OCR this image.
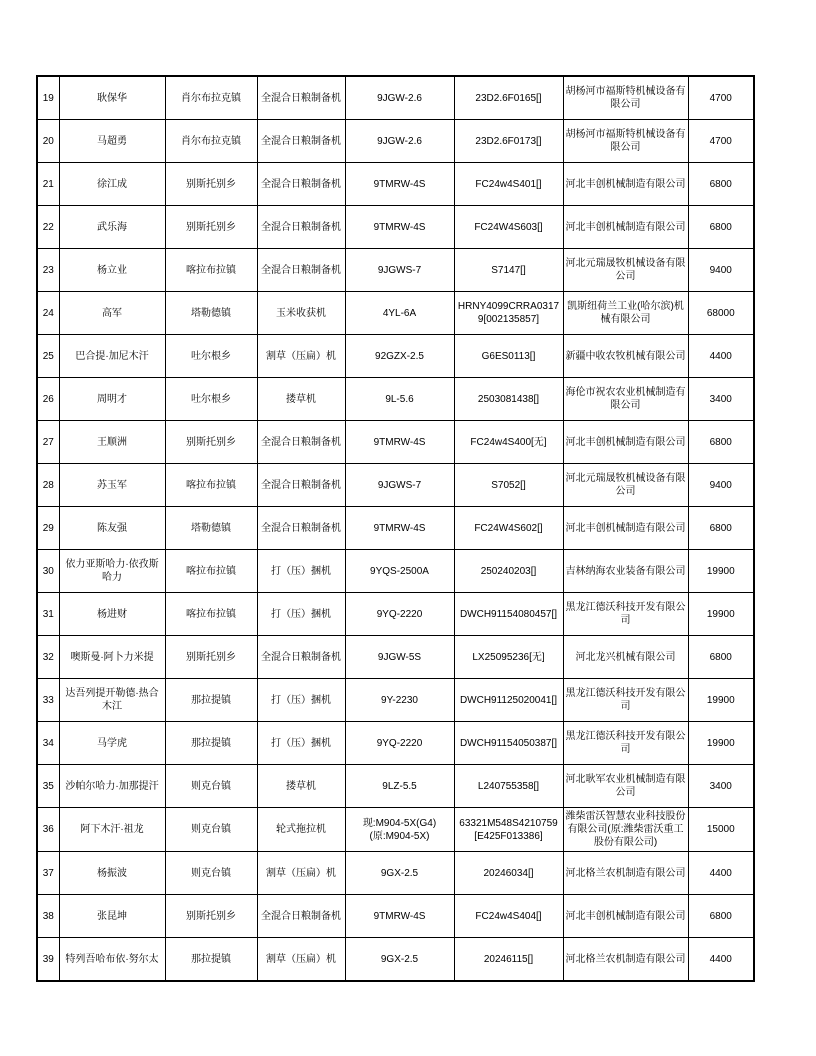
19	耿保华	肖尔布拉克镇	全混合日粮制备机	9JGW-2.6	23D2.6F0165[]	胡杨河市福斯特机械设备有限公司	4700
20	马超勇	肖尔布拉克镇	全混合日粮制备机	9JGW-2.6	23D2.6F0173[]	胡杨河市福斯特机械设备有限公司	4700
21	徐江成	别斯托别乡	全混合日粮制备机	9TMRW-4S	FC24w4S401[]	河北丰创机械制造有限公司	6800
22	武乐海	别斯托别乡	全混合日粮制备机	9TMRW-4S	FC24W4S603[]	河北丰创机械制造有限公司	6800
23	杨立业	喀拉布拉镇	全混合日粮制备机	9JGWS-7	S7147[]	河北元瑞晟牧机械设备有限公司	9400
24	高军	塔勒德镇	玉米收获机	4YL-6A	HRNY4099CRRA03179[002135857]	凯斯纽荷兰工业(哈尔滨)机械有限公司	68000
25	巴合提·加尼木汗	吐尔根乡	割草（压扁）机	92GZX-2.5	G6ES0113[]	新疆中收农牧机械有限公司	4400
26	周明才	吐尔根乡	搂草机	9L-5.6	2503081438[]	海伦市祝农农业机械制造有限公司	3400
27	王顺洲	别斯托别乡	全混合日粮制备机	9TMRW-4S	FC24w4S400[无]	河北丰创机械制造有限公司	6800
28	苏玉军	喀拉布拉镇	全混合日粮制备机	9JGWS-7	S7052[]	河北元瑞晟牧机械设备有限公司	9400
29	陈友强	塔勒德镇	全混合日粮制备机	9TMRW-4S	FC24W4S602[]	河北丰创机械制造有限公司	6800
30	依力亚斯哈力·依孜斯哈力	喀拉布拉镇	打（压）捆机	9YQS-2500A	250240203[]	吉林纳海农业装备有限公司	19900
31	杨进财	喀拉布拉镇	打（压）捆机	9YQ-2220	DWCH91154080457[]	黑龙江德沃科技开发有限公司	19900
32	噢斯曼·阿卜力米提	别斯托别乡	全混合日粮制备机	9JGW-5S	LX25095236[无]	河北龙兴机械有限公司	6800
33	达吾列提开勒德·热合木江	那拉提镇	打（压）捆机	9Y-2230	DWCH91125020041[]	黑龙江德沃科技开发有限公司	19900
34	马学虎	那拉提镇	打（压）捆机	9YQ-2220	DWCH91154050387[]	黑龙江德沃科技开发有限公司	19900
35	沙帕尔哈力·加那提汗	则克台镇	搂草机	9LZ-5.5	L240755358[]	河北耿军农业机械制造有限公司	3400
36	阿下木汗·祖龙	则克台镇	轮式拖拉机	现:M904-5X(G4) (原:M904-5X)	63321M548S4210759[E425F013386]	潍柴雷沃智慧农业科技股份有限公司(原:潍柴雷沃重工股份有限公司)	15000
37	杨振波	则克台镇	割草（压扁）机	9GX-2.5	20246034[]	河北格兰农机制造有限公司	4400
38	张昆坤	别斯托别乡	全混合日粮制备机	9TMRW-4S	FC24w4S404[]	河北丰创机械制造有限公司	6800
39	特列吾哈布依·努尔太	那拉提镇	割草（压扁）机	9GX-2.5	20246115[]	河北格兰农机制造有限公司	4400
